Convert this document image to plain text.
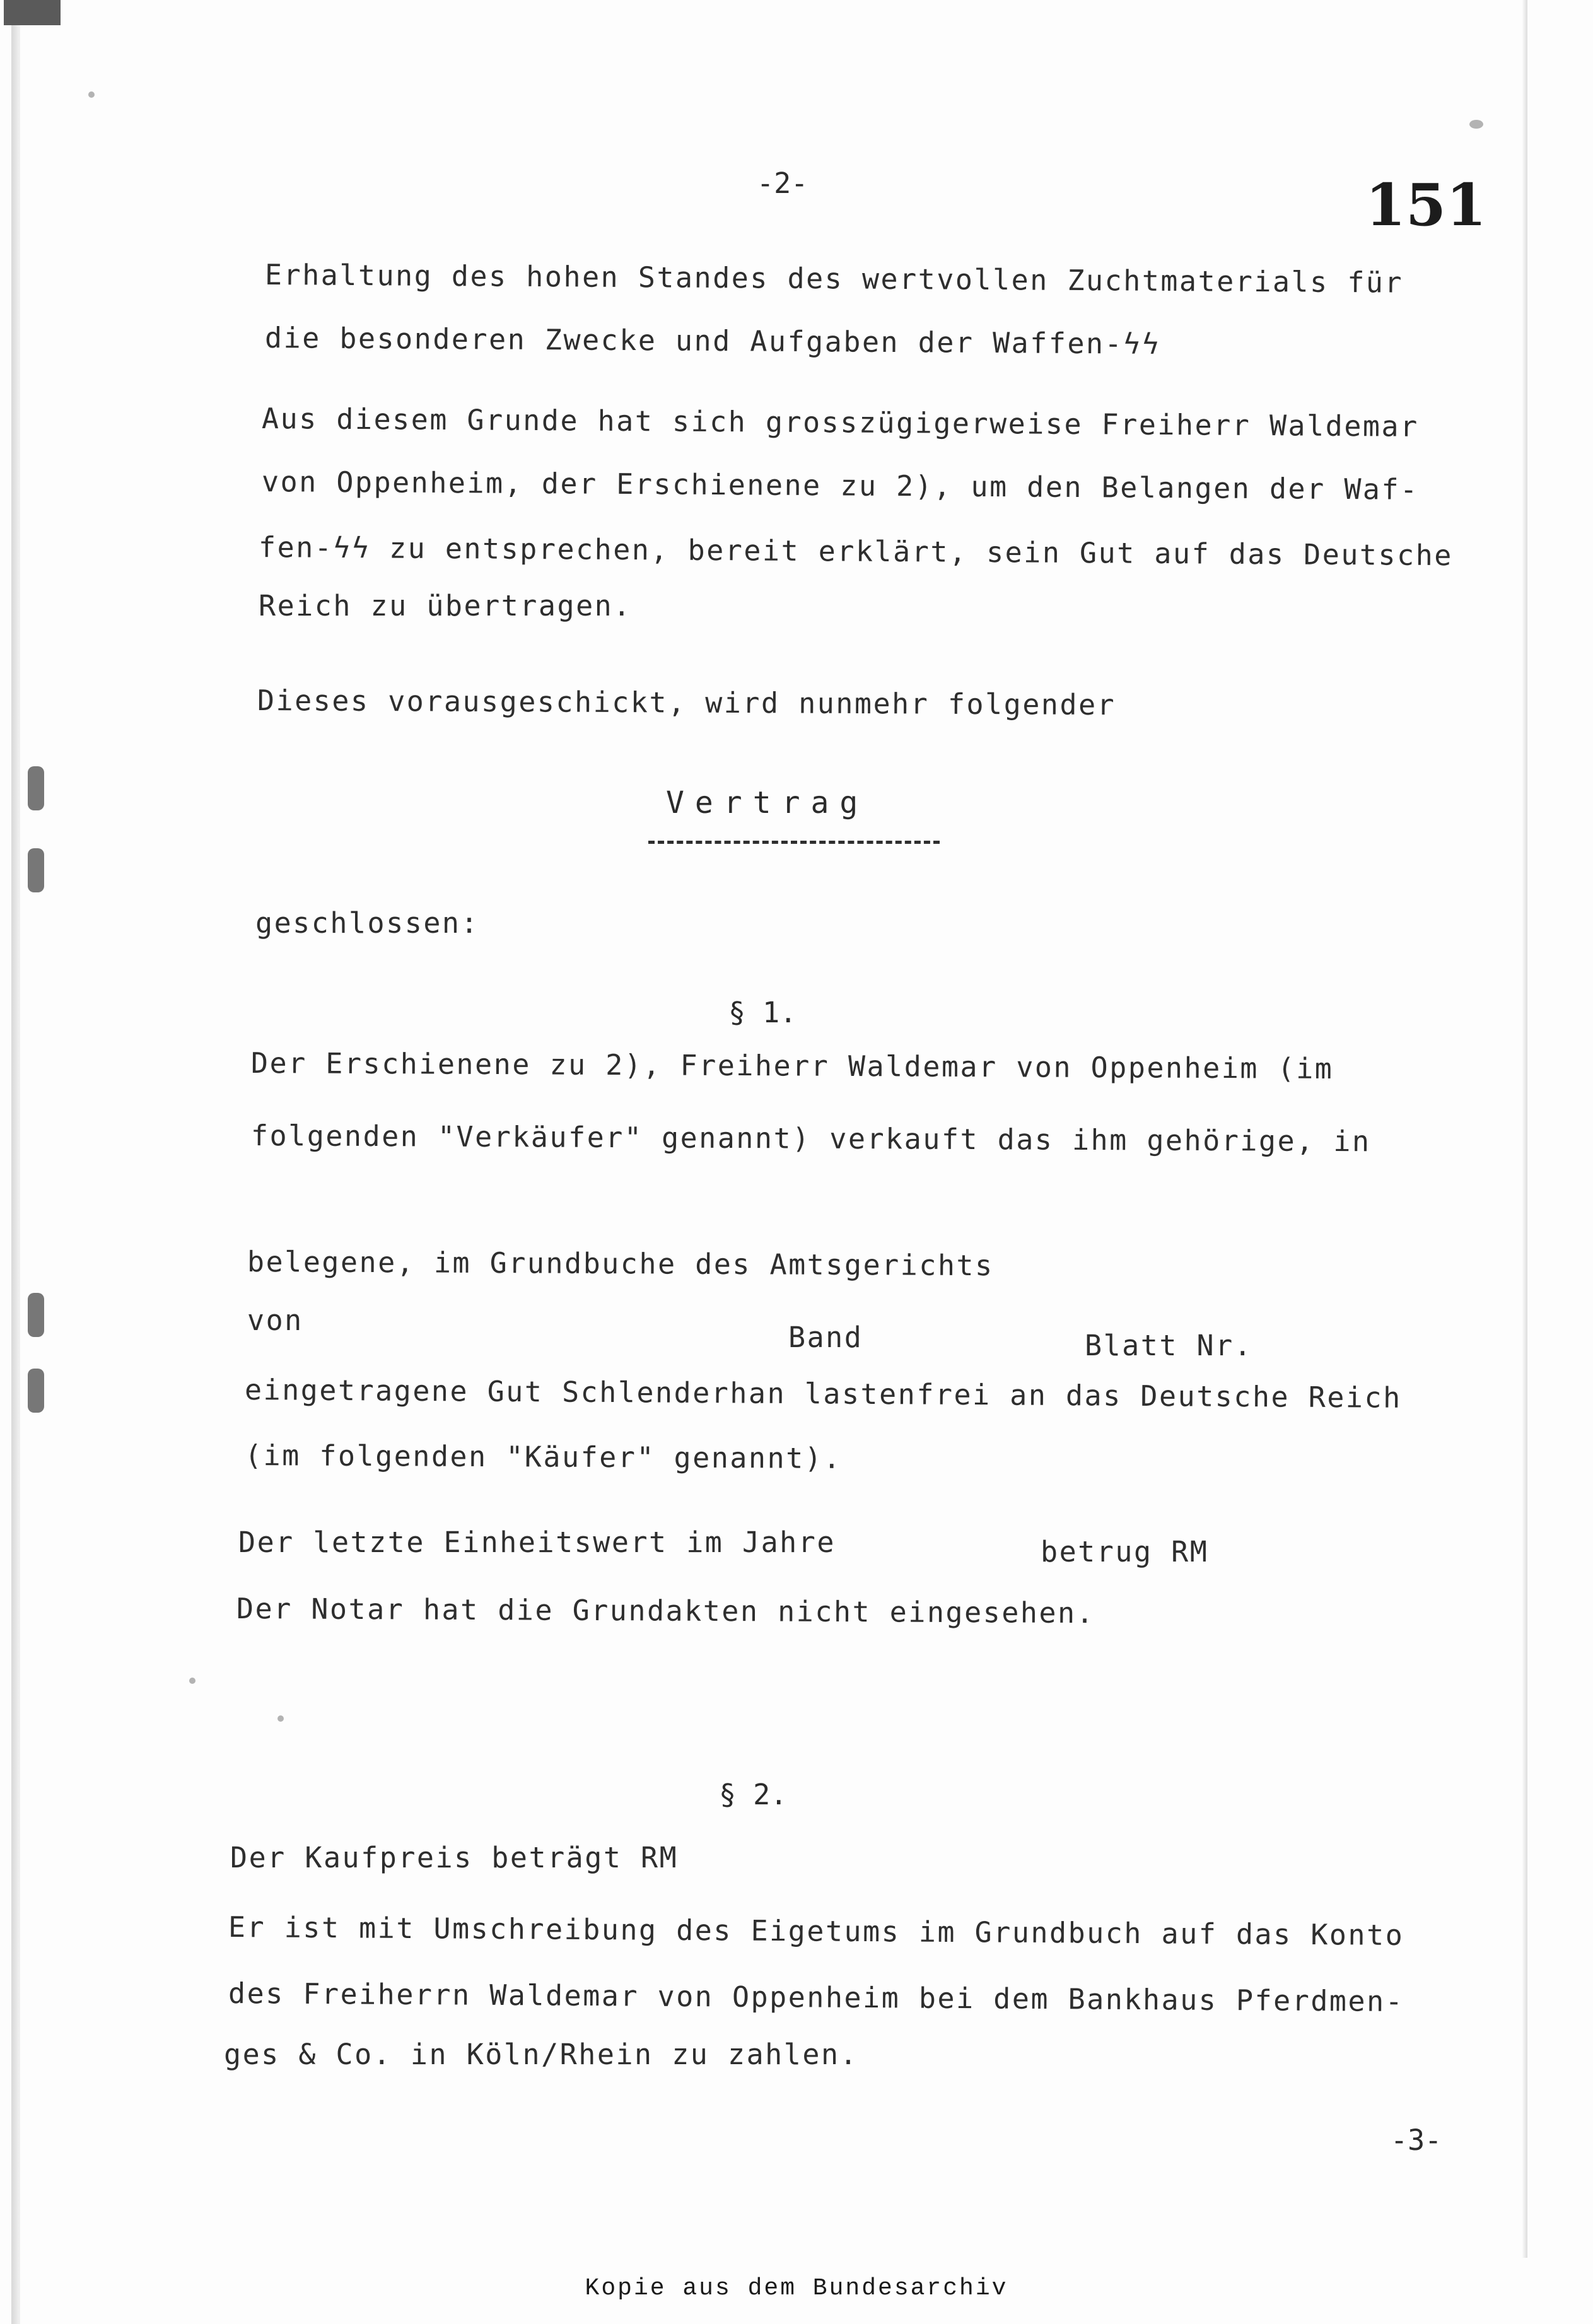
-2-	151

Erhaltung des hohen Standes des wertvollen Zuchtmaterials für

die besonderen Zwecke und Aufgaben der Waffen-ϟϟ

Aus diesem Grunde hat sich grosszügigerweise Freiherr Waldemar

von Oppenheim, der Erschienene zu 2), um den Belangen der Waf-

fen-ϟϟ zu entsprechen, bereit erklärt, sein Gut auf das Deutsche

Reich zu übertragen.

Dieses vorausgeschickt, wird nunmehr folgender

Vertrag

geschlossen:

§ 1.

Der Erschienene zu 2), Freiherr Waldemar von Oppenheim (im

folgenden "Verkäufer" genannt) verkauft das ihm gehörige, in

belegene, im Grundbuche des Amtsgerichts

von

Band	Blatt Nr.

eingetragene Gut Schlenderhan lastenfrei an das Deutsche Reich

(im folgenden "Käufer" genannt).

Der letzte Einheitswert im Jahre	betrug RM

Der Notar hat die Grundakten nicht eingesehen.

§ 2.

Der Kaufpreis beträgt RM

Er ist mit Umschreibung des Eigetums im Grundbuch auf das Konto

des Freiherrn Waldemar von Oppenheim bei dem Bankhaus Pferdmen-

ges & Co. in Köln/Rhein zu zahlen.

-3-
Kopie aus dem Bundesarchiv
